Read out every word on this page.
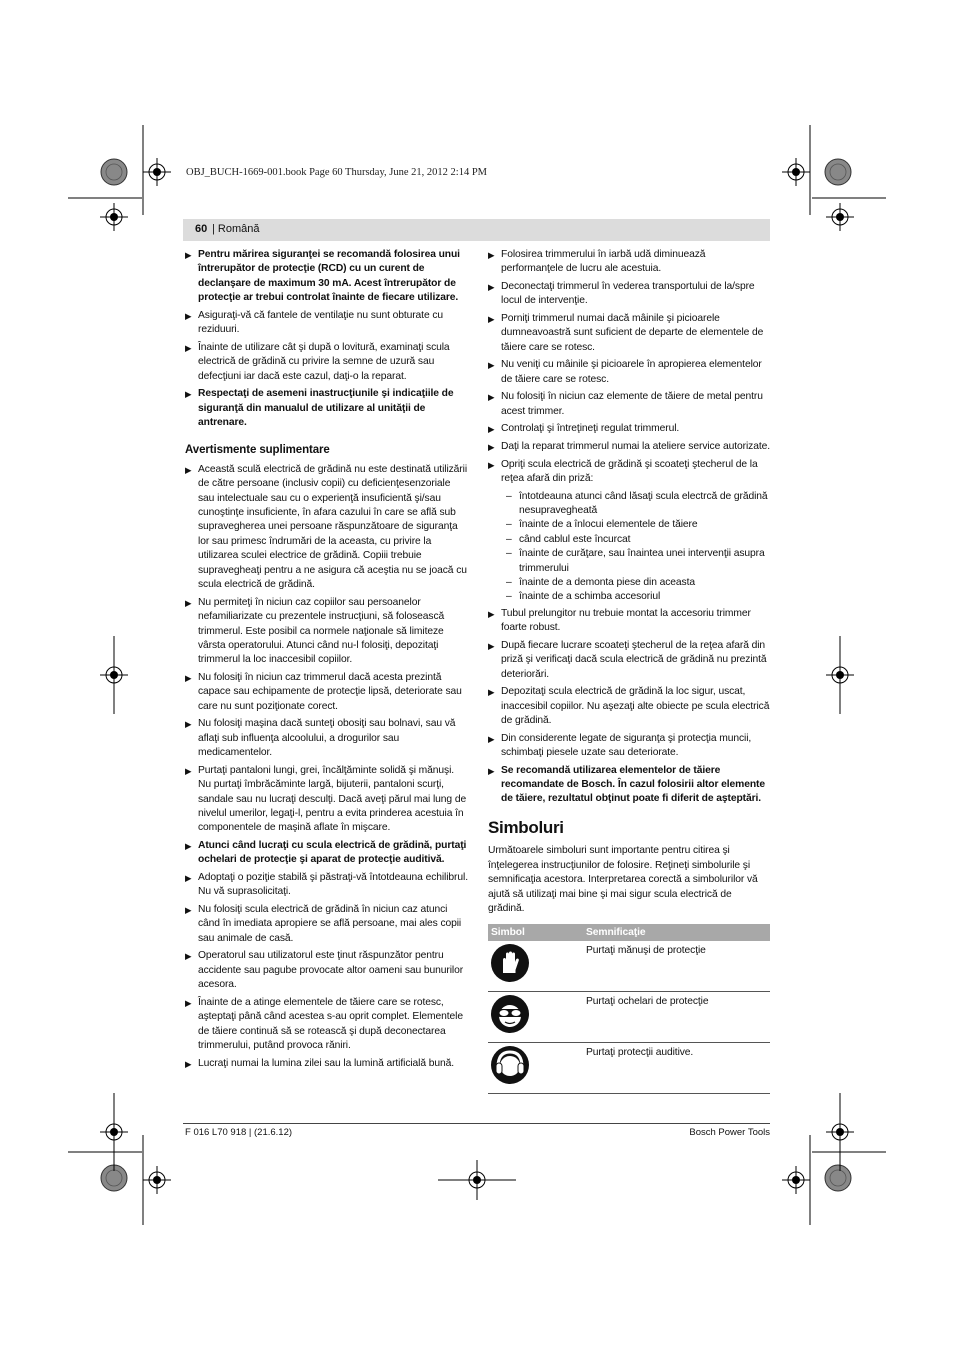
OBJ_BUCH-1669-001.book Page 60 Thursday, June 21, 2012 2:14 PM
60 | Română
▶ Pentru mărirea siguranţei se recomandă folosirea unui întrerupător de protecţie (RCD) cu un curent de declanşare de maximum 30 mA. Acest întrerupător de protecţie ar trebui controlat înainte de fiecare utilizare.
▶ Asiguraţi-vă că fantele de ventilaţie nu sunt obturate cu reziduuri.
▶ Înainte de utilizare cât şi după o lovitură, examinaţi scula electrică de grădină cu privire la semne de uzură sau defecţiuni iar dacă este cazul, daţi-o la reparat.
▶ Respectaţi de asemeni inastrucţiunile şi indicaţiile de siguranţă din manualul de utilizare al unităţii de antrenare.
Avertismente suplimentare
▶ Această sculă electrică de grădină nu este destinată utilizării de către persoane (inclusiv copii) cu deficienţesenzoriale sau intelectuale sau cu o experienţă insuficientă şi/sau cunoştinţe insuficiente, în afara cazului în care se află sub supravegherea unei persoane răspunzătoare de siguranţa lor sau primesc îndrumări de la aceasta, cu privire la utilizarea sculei electrice de grădină. Copiii trebuie supravegheaţi pentru a ne asigura că aceştia nu se joacă cu scula electrică de grădină.
▶ Nu permiteţi în niciun caz copiilor sau persoanelor nefamiliarizate cu prezentele instrucţiuni, să folosească trimmerul. Este posibil ca normele naţionale să limiteze vârsta operatorului. Atunci când nu-l folosiţi, depozitaţi trimmerul la loc inaccesibil copiilor.
▶ Nu folosiţi în niciun caz trimmerul dacă acesta prezintă capace sau echipamente de protecţie lipsă, deteriorate sau care nu sunt poziţionate corect.
▶ Nu folosiţi maşina dacă sunteţi obosiţi sau bolnavi, sau vă aflaţi sub influenţa alcoolului, a drogurilor sau medicamentelor.
▶ Purtaţi pantaloni lungi, grei, încălţăminte solidă şi mănuşi. Nu purtaţi îmbrăcăminte largă, bijuterii, pantaloni scurţi, sandale sau nu lucraţi desculţi. Dacă aveţi părul mai lung de nivelul umerilor, legaţi-l, pentru a evita prinderea acestuia în componentele de maşină aflate în mişcare.
▶ Atunci când lucraţi cu scula electrică de grădină, purtaţi ochelari de protecţie şi aparat de protecţie auditivă.
▶ Adoptaţi o poziţie stabilă şi păstraţi-vă întotdeauna echilibrul. Nu vă suprasolicitaţi.
▶ Nu folosiţi scula electrică de grădină în niciun caz atunci când în imediata apropiere se află persoane, mai ales copii sau animale de casă.
▶ Operatorul sau utilizatorul este ţinut răspunzător pentru accidente sau pagube provocate altor oameni sau bunurilor acesora.
▶ Înainte de a atinge elementele de tăiere care se rotesc, aşteptaţi până când acestea s-au oprit complet. Elementele de tăiere continuă să se rotească şi după deconectarea trimmerului, putând provoca răniri.
▶ Lucraţi numai la lumina zilei sau la lumină artificială bună.
▶ Folosirea trimmerului în iarbă udă diminuează performanţele de lucru ale acestuia.
▶ Deconectaţi trimmerul în vederea transportului de la/spre locul de intervenţie.
▶ Porniţi trimmerul numai dacă mâinile şi picioarele dumneavoastră sunt suficient de departe de elementele de tăiere care se rotesc.
▶ Nu veniţi cu mâinile şi picioarele în apropierea elementelor de tăiere care se rotesc.
▶ Nu folosiţi în niciun caz elemente de tăiere de metal pentru acest trimmer.
▶ Controlaţi şi întreţineţi regulat trimmerul.
▶ Daţi la reparat trimmerul numai la ateliere service autorizate.
▶ Opriţi scula electrică de grădină şi scoateţi ştecherul de la reţea afară din priză:
– întotdeauna atunci când lăsaţi scula electrcă de grădină nesupravegheată
– înainte de a înlocui elementele de tăiere
– când cablul este încurcat
– înainte de curăţare, sau înaintea unei intervenţii asupra trimmerului
– înainte de a demonta piese din aceasta
– înainte de a schimba accesoriul
▶ Tubul prelungitor nu trebuie montat la accesoriu trimmer foarte robust.
▶ După fiecare lucrare scoateţi ştecherul de la reţea afară din priză şi verificaţi dacă scula electrică de grădină nu prezintă deteriorări.
▶ Depozitaţi scula electrică de grădină la loc sigur, uscat, inaccesibil copiilor. Nu aşezaţi alte obiecte pe scula electrică de grădină.
▶ Din considerente legate de siguranţa şi protecţia muncii, schimbaţi piesele uzate sau deteriorate.
▶ Se recomandă utilizarea elementelor de tăiere recomandate de Bosch. În cazul folosirii altor elemente de tăiere, rezultatul obţinut poate fi diferit de aşteptări.
Simboluri
Următoarele simboluri sunt importante pentru citirea şi înţelegerea instrucţiunilor de folosire. Reţineţi simbolurile şi semnificaţia acestora. Interpretarea corectă a simbolurilor vă ajută să utilizaţi mai bine şi mai sigur scula electrică de grădină.
Simbol	Semnificaţie
	Purtaţi mănuşi de protecţie
	Purtaţi ochelari de protecţie
	Purtaţi protecţii auditive.
F 016 L70 918 | (21.6.12)	Bosch Power Tools
